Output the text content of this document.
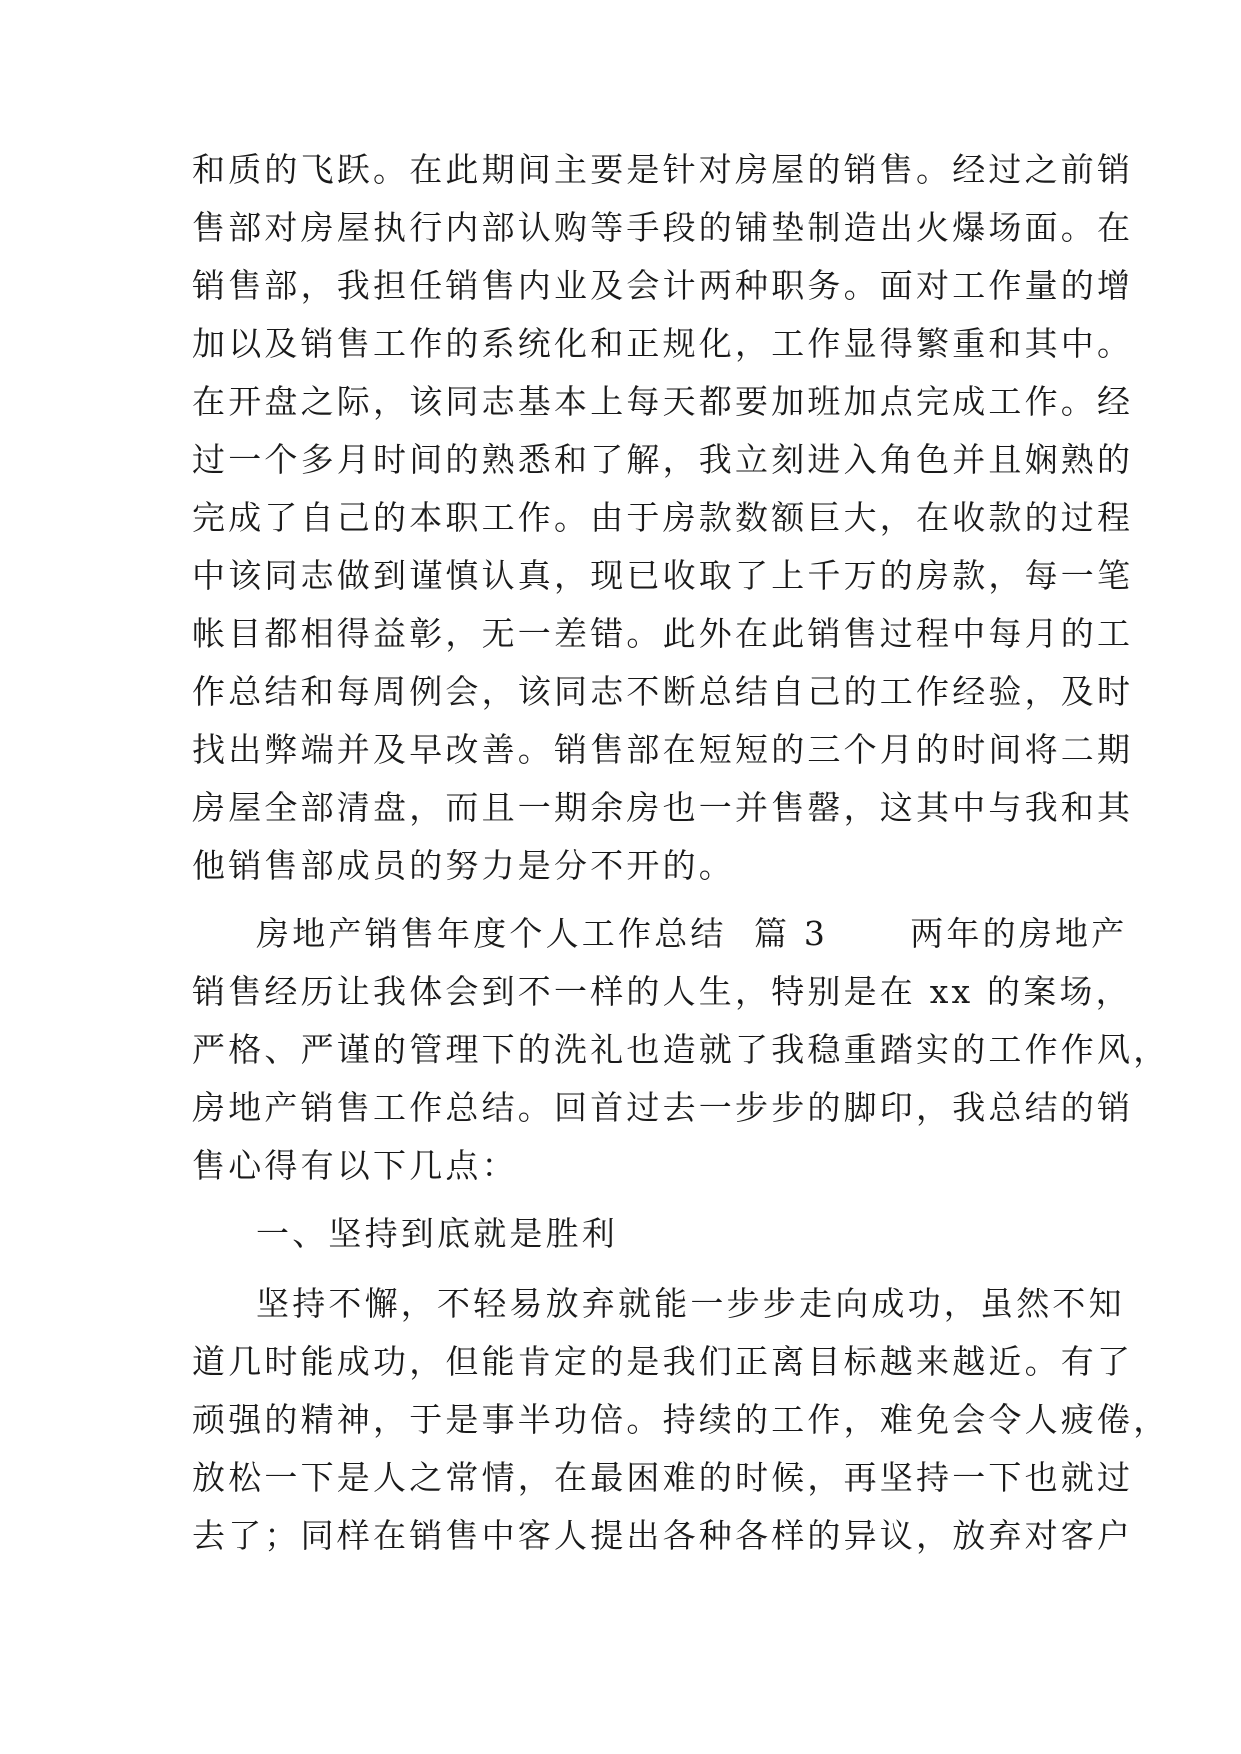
和质的飞跃。在此期间主要是针对房屋的销售。经过之前销
售部对房屋执行内部认购等手段的铺垫制造出火爆场面。在
销售部，我担任销售内业及会计两种职务。面对工作量的增
加以及销售工作的系统化和正规化，工作显得繁重和其中。
在开盘之际，该同志基本上每天都要加班加点完成工作。经
过一个多月时间的熟悉和了解，我立刻进入角色并且娴熟的
完成了自己的本职工作。由于房款数额巨大，在收款的过程
中该同志做到谨慎认真，现已收取了上千万的房款，每一笔
帐目都相得益彰，无一差错。此外在此销售过程中每月的工
作总结和每周例会，该同志不断总结自己的工作经验，及时
找出弊端并及早改善。销售部在短短的三个月的时间将二期
房屋全部清盘，而且一期余房也一并售罄，这其中与我和其
他销售部成员的努力是分不开的。
房地产销售年度个人工作总结  篇 3      两年的房地产
销售经历让我体会到不一样的人生，特别是在 xx 的案场，
严格、严谨的管理下的洗礼也造就了我稳重踏实的工作作风，
房地产销售工作总结。回首过去一步步的脚印，我总结的销
售心得有以下几点：
一、坚持到底就是胜利
坚持不懈，不轻易放弃就能一步步走向成功，虽然不知
道几时能成功，但能肯定的是我们正离目标越来越近。有了
顽强的精神，于是事半功倍。持续的工作，难免会令人疲倦，
放松一下是人之常情，在最困难的时候，再坚持一下也就过
去了；同样在销售中客人提出各种各样的异议，放弃对客户
